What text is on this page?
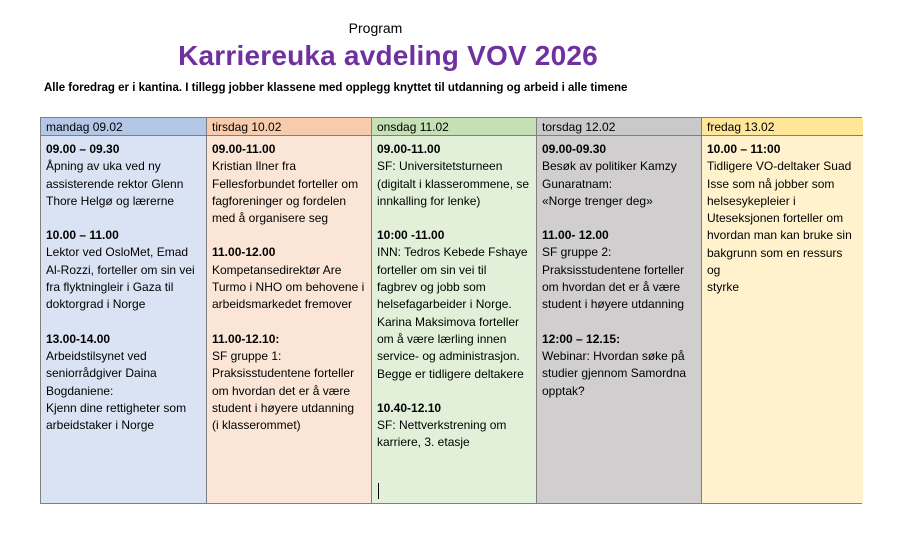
Program
Karriereuka avdeling VOV 2026
Alle foredrag er i kantina. I tillegg jobber klassene med opplegg knyttet til utdanning og arbeid i alle timene
mandag 09.02
09.00 – 09.30
Åpning av uka ved ny
assisterende rektor Glenn
Thore Helgø og lærerne
10.00 – 11.00
Lektor ved OsloMet, Emad
Al-Rozzi, forteller om sin vei
fra flyktningleir i Gaza til
doktorgrad i Norge
13.00-14.00
Arbeidstilsynet ved
seniorrådgiver Daina
Bogdaniene:
Kjenn dine rettigheter som
arbeidstaker i Norge
tirsdag 10.02
09.00-11.00
Kristian Ilner fra
Fellesforbundet forteller om
fagforeninger og fordelen
med å organisere seg
11.00-12.00
Kompetansedirektør Are
Turmo i NHO om behovene i
arbeidsmarkedet fremover
11.00-12.10:
SF gruppe 1:
Praksisstudentene forteller
om hvordan det er å være
student i høyere utdanning
(i klasserommet)
onsdag 11.02
09.00-11.00
SF: Universitetsturneen
(digitalt i klasserommene, se
innkalling for lenke)
10:00 -11.00
INN: Tedros Kebede Fshaye
forteller om sin vei til
fagbrev og jobb som
helsefagarbeider i Norge.
Karina Maksimova forteller
om å være lærling innen
service- og administrasjon.
Begge er tidligere deltakere
10.40-12.10
SF: Nettverkstrening om
karriere, 3. etasje
torsdag 12.02
09.00-09.30
Besøk av politiker Kamzy
Gunaratnam:
«Norge trenger deg»
11.00- 12.00
SF gruppe 2:
Praksisstudentene forteller
om hvordan det er å være
student i høyere utdanning
12:00 – 12.15:
Webinar: Hvordan søke på
studier gjennom Samordna
opptak?
fredag 13.02
10.00 – 11:00
Tidligere VO-deltaker Suad
Isse som nå jobber som
helsesykepleier i
Uteseksjonen forteller om
hvordan man kan bruke sin
bakgrunn som en ressurs og
styrke
